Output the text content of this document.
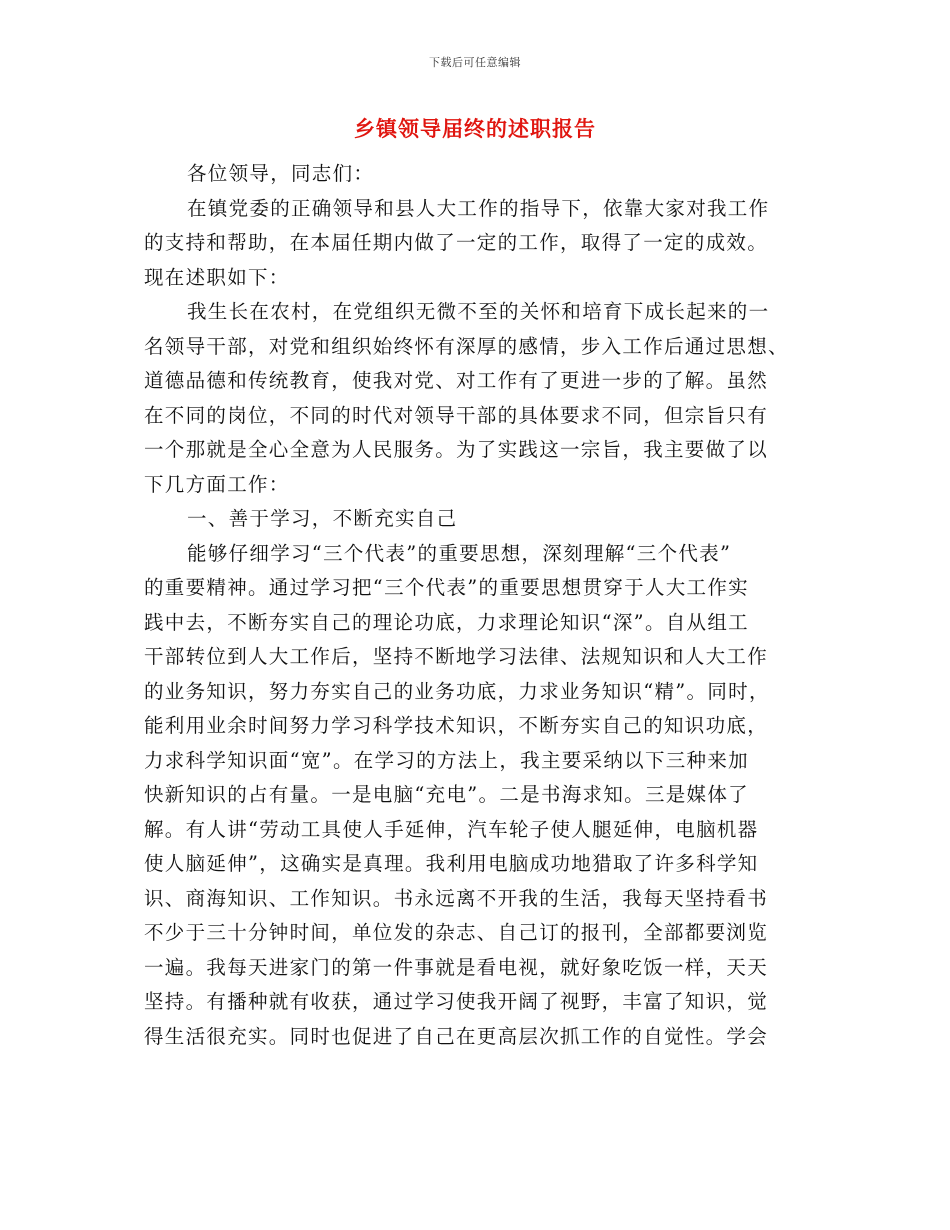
下载后可任意编辑
乡镇领导届终的述职报告
各位领导，同志们：
在镇党委的正确领导和县人大工作的指导下，依靠大家对我工作
的支持和帮助，在本届任期内做了一定的工作，取得了一定的成效。
现在述职如下：
我生长在农村，在党组织无微不至的关怀和培育下成长起来的一
名领导干部，对党和组织始终怀有深厚的感情，步入工作后通过思想、
道德品德和传统教育，使我对党、对工作有了更进一步的了解。虽然
在不同的岗位，不同的时代对领导干部的具体要求不同，但宗旨只有
一个那就是全心全意为人民服务。为了实践这一宗旨，我主要做了以
下几方面工作：
一、善于学习，不断充实自己
能够仔细学习“三个代表”的重要思想，深刻理解“三个代表”
的重要精神。通过学习把“三个代表”的重要思想贯穿于人大工作实
践中去，不断夯实自己的理论功底，力求理论知识“深”。自从组工
干部转位到人大工作后，坚持不断地学习法律、法规知识和人大工作
的业务知识，努力夯实自己的业务功底，力求业务知识“精”。同时，
能利用业余时间努力学习科学技术知识，不断夯实自己的知识功底，
力求科学知识面“宽”。在学习的方法上，我主要采纳以下三种来加
快新知识的占有量。一是电脑“充电”。二是书海求知。三是媒体了
解。有人讲“劳动工具使人手延伸，汽车轮子使人腿延伸，电脑机器
使人脑延伸”，这确实是真理。我利用电脑成功地猎取了许多科学知
识、商海知识、工作知识。书永远离不开我的生活，我每天坚持看书
不少于三十分钟时间，单位发的杂志、自己订的报刊，全部都要浏览
一遍。我每天进家门的第一件事就是看电视，就好象吃饭一样，天天
坚持。有播种就有收获，通过学习使我开阔了视野，丰富了知识，觉
得生活很充实。同时也促进了自己在更高层次抓工作的自觉性。学会
